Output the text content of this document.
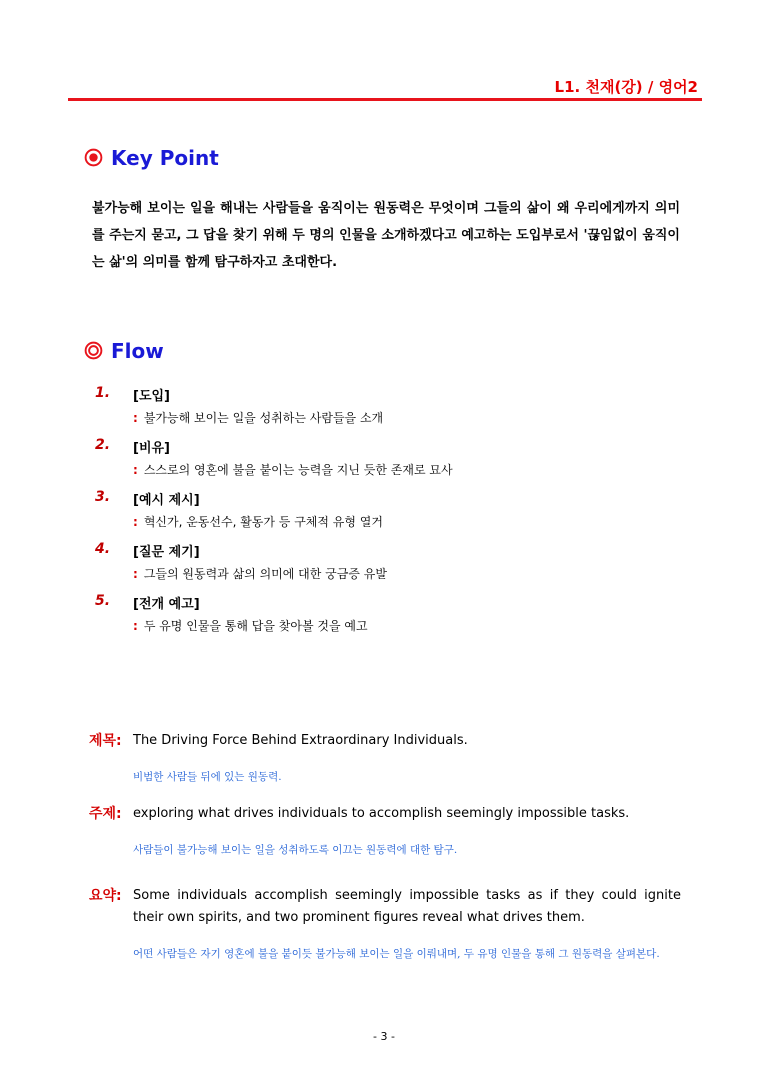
L1. 천재(강) / 영어2
Key Point
불가능해 보이는 일을 해내는 사람들을 움직이는 원동력은 무엇이며 그들의 삶이 왜 우리에게까지 의미를 주는지 묻고, 그 답을 찾기 위해 두 명의 인물을 소개하겠다고 예고하는 도입부로서 '끊임없이 움직이는 삶'의 의미를 함께 탐구하자고 초대한다.
Flow
1. [도입]
: 불가능해 보이는 일을 성취하는 사람들을 소개
2. [비유]
: 스스로의 영혼에 불을 붙이는 능력을 지닌 듯한 존재로 묘사
3. [예시 제시]
: 혁신가, 운동선수, 활동가 등 구체적 유형 열거
4. [질문 제기]
: 그들의 원동력과 삶의 의미에 대한 궁금증 유발
5. [전개 예고]
: 두 유명 인물을 통해 답을 찾아볼 것을 예고
제목: The Driving Force Behind Extraordinary Individuals.
비범한 사람들 뒤에 있는 원동력.
주제: exploring what drives individuals to accomplish seemingly impossible tasks.
사람들이 불가능해 보이는 일을 성취하도록 이끄는 원동력에 대한 탐구.
요약: Some individuals accomplish seemingly impossible tasks as if they could ignite their own spirits, and two prominent figures reveal what drives them.
어떤 사람들은 자기 영혼에 불을 붙이듯 불가능해 보이는 일을 이뤄내며, 두 유명 인물을 통해 그 원동력을 살펴본다.
- 3 -
